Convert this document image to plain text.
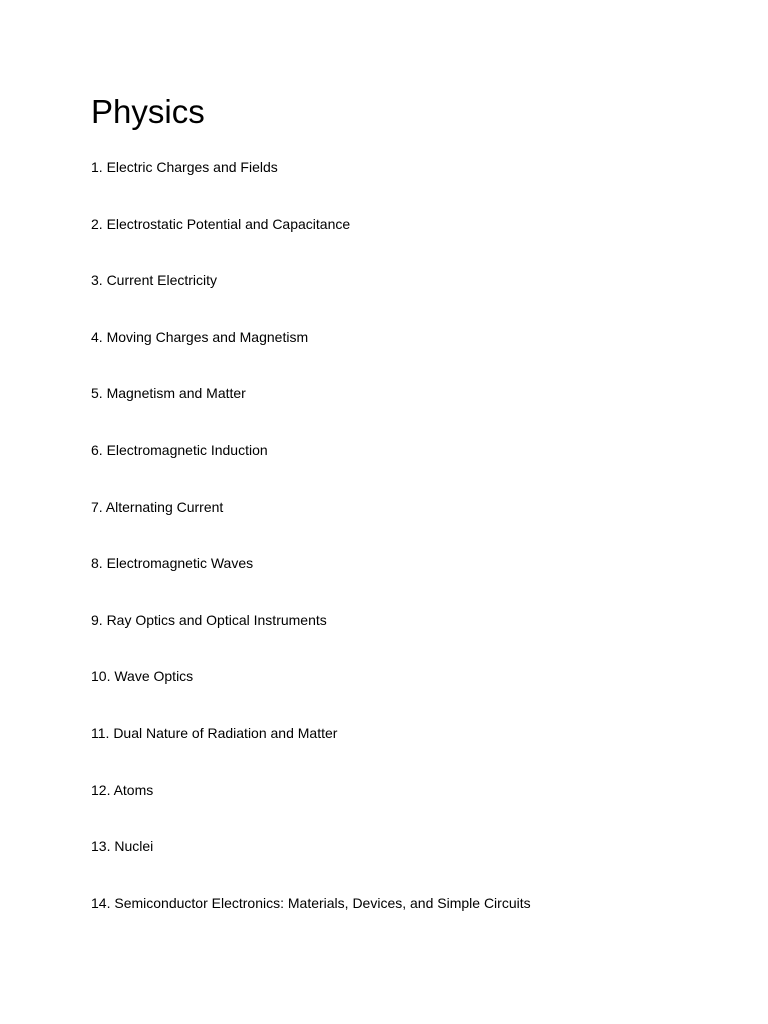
Physics
1. Electric Charges and Fields
2. Electrostatic Potential and Capacitance
3. Current Electricity
4. Moving Charges and Magnetism
5. Magnetism and Matter
6. Electromagnetic Induction
7. Alternating Current
8. Electromagnetic Waves
9. Ray Optics and Optical Instruments
10. Wave Optics
11. Dual Nature of Radiation and Matter
12. Atoms
13. Nuclei
14. Semiconductor Electronics: Materials, Devices, and Simple Circuits
